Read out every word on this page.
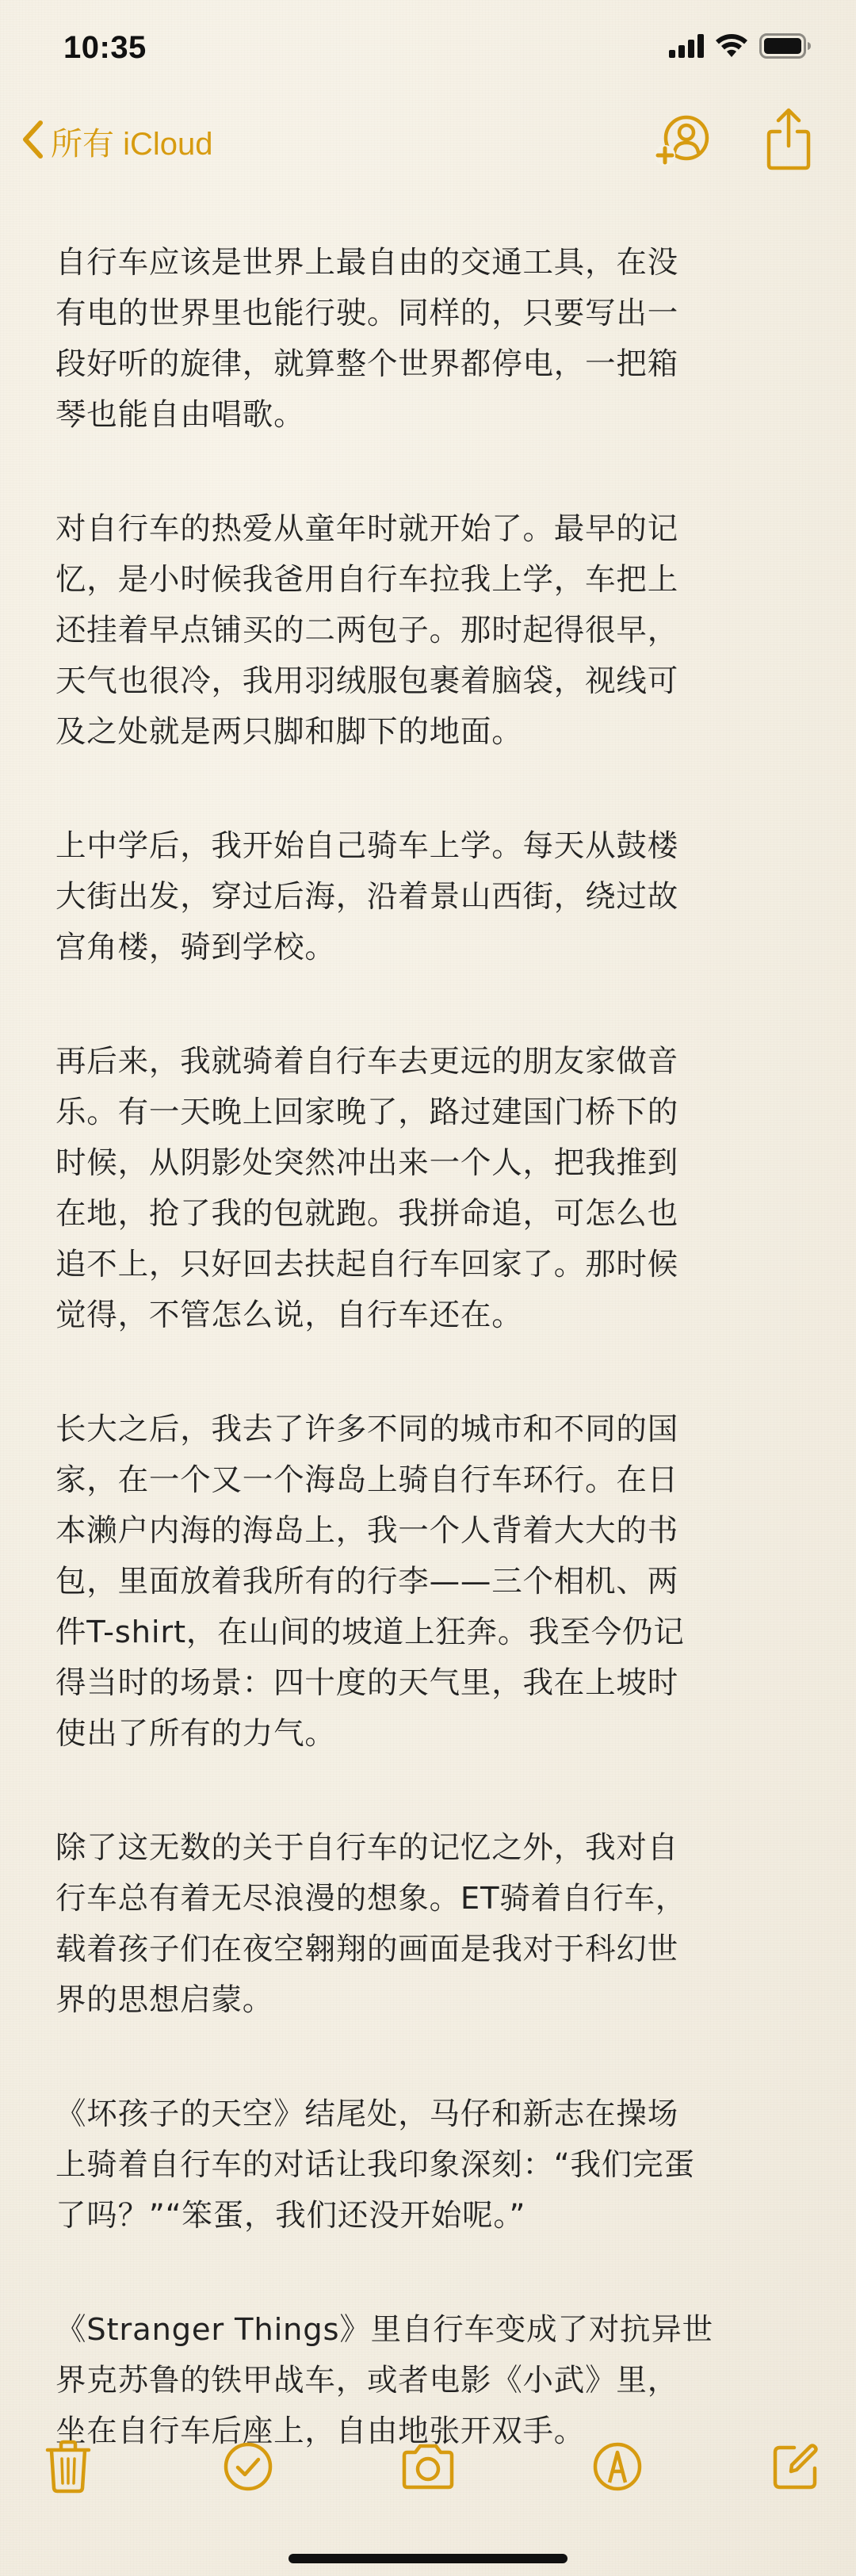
10:35
所有 iCloud

自行车应该是世界上最自由的交通工具，在没
有电的世界里也能行驶。同样的，只要写出一
段好听的旋律，就算整个世界都停电，一把箱
琴也能自由唱歌。

对自行车的热爱从童年时就开始了。最早的记
忆，是小时候我爸用自行车拉我上学，车把上
还挂着早点铺买的二两包子。那时起得很早，
天气也很冷，我用羽绒服包裹着脑袋，视线可
及之处就是两只脚和脚下的地面。

上中学后，我开始自己骑车上学。每天从鼓楼
大街出发，穿过后海，沿着景山西街，绕过故
宫角楼，骑到学校。

再后来，我就骑着自行车去更远的朋友家做音
乐。有一天晚上回家晚了，路过建国门桥下的
时候，从阴影处突然冲出来一个人，把我推到
在地，抢了我的包就跑。我拼命追，可怎么也
追不上，只好回去扶起自行车回家了。那时候
觉得，不管怎么说，自行车还在。

长大之后，我去了许多不同的城市和不同的国
家，在一个又一个海岛上骑自行车环行。在日
本濑户内海的海岛上，我一个人背着大大的书
包，里面放着我所有的行李——三个相机、两
件T-shirt，在山间的坡道上狂奔。我至今仍记
得当时的场景：四十度的天气里，我在上坡时
使出了所有的力气。

除了这无数的关于自行车的记忆之外，我对自
行车总有着无尽浪漫的想象。ET骑着自行车，
载着孩子们在夜空翱翔的画面是我对于科幻世
界的思想启蒙。

《坏孩子的天空》结尾处，马仔和新志在操场
上骑着自行车的对话让我印象深刻：“我们完蛋
了吗？”“笨蛋，我们还没开始呢。”

《Stranger Things》里自行车变成了对抗异世
界克苏鲁的铁甲战车，或者电影《小武》里，
坐在自行车后座上，自由地张开双手。
